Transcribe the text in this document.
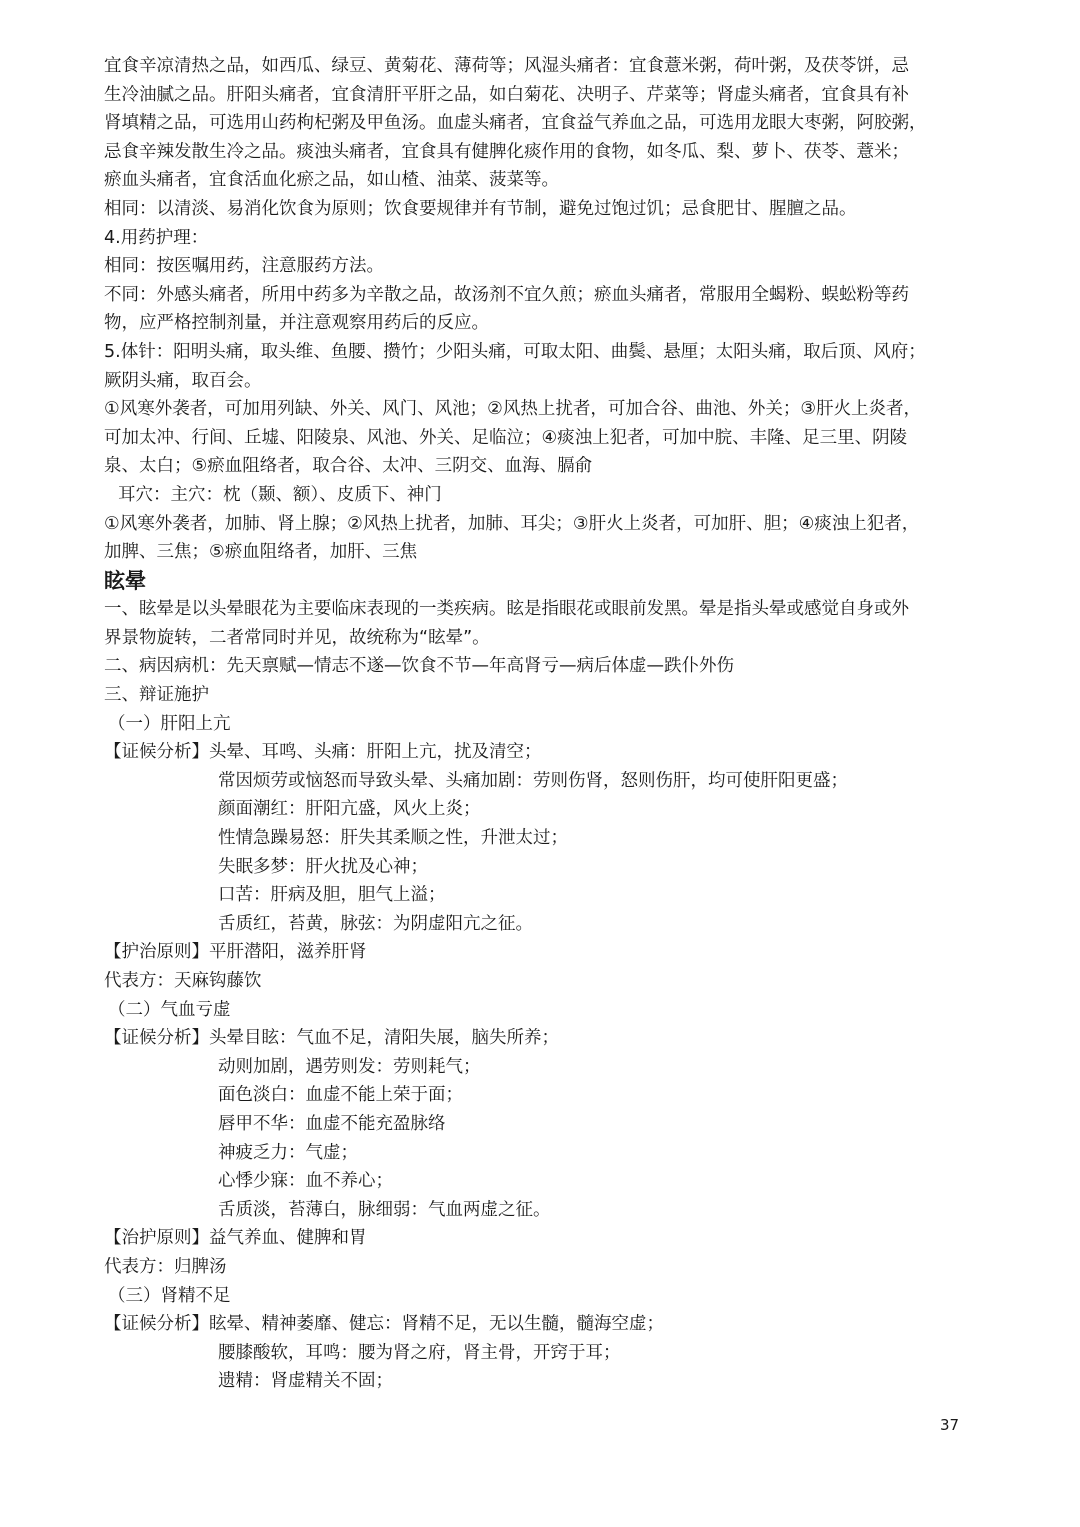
宜食辛凉清热之品，如西瓜、绿豆、黄菊花、薄荷等；风湿头痛者：宜食薏米粥，荷叶粥，及茯苓饼，忌

生冷油腻之品。肝阳头痛者，宜食清肝平肝之品，如白菊花、决明子、芹菜等；肾虚头痛者，宜食具有补

肾填精之品，可选用山药枸杞粥及甲鱼汤。血虚头痛者，宜食益气养血之品，可选用龙眼大枣粥，阿胶粥，

忌食辛辣发散生冷之品。痰浊头痛者，宜食具有健脾化痰作用的食物，如冬瓜、梨、萝卜、茯苓、薏米；

瘀血头痛者，宜食活血化瘀之品，如山楂、油菜、菠菜等。

相同：以清淡、易消化饮食为原则；饮食要规律并有节制，避免过饱过饥；忌食肥甘、腥膻之品。

4.用药护理：

相同：按医嘱用药，注意服药方法。

不同：外感头痛者，所用中药多为辛散之品，故汤剂不宜久煎；瘀血头痛者，常服用全蝎粉、蜈蚣粉等药

物，应严格控制剂量，并注意观察用药后的反应。

5.体针：阳明头痛，取头维、鱼腰、攒竹；少阳头痛，可取太阳、曲鬓、悬厘；太阳头痛，取后顶、风府；

厥阴头痛，取百会。

①风寒外袭者，可加用列缺、外关、风门、风池；②风热上扰者，可加合谷、曲池、外关；③肝火上炎者，

可加太冲、行间、丘墟、阳陵泉、风池、外关、足临泣；④痰浊上犯者，可加中脘、丰隆、足三里、阴陵

泉、太白；⑤瘀血阻络者，取合谷、太冲、三阴交、血海、膈俞

耳穴：主穴：枕（颞、额）、皮质下、神门

①风寒外袭者，加肺、肾上腺；②风热上扰者，加肺、耳尖；③肝火上炎者，可加肝、胆；④痰浊上犯者，

加脾、三焦；⑤瘀血阻络者，加肝、三焦

眩晕

一、眩晕是以头晕眼花为主要临床表现的一类疾病。眩是指眼花或眼前发黑。晕是指头晕或感觉自身或外

界景物旋转，二者常同时并见，故统称为“眩晕”。

二、病因病机：先天禀赋—情志不遂—饮食不节—年高肾亏—病后体虚—跌仆外伤

三、辩证施护

（一）肝阳上亢

【证候分析】头晕、耳鸣、头痛：肝阳上亢，扰及清空；

常因烦劳或恼怒而导致头晕、头痛加剧：劳则伤肾，怒则伤肝，均可使肝阳更盛；

颜面潮红：肝阳亢盛，风火上炎；

性情急躁易怒：肝失其柔顺之性，升泄太过；

失眠多梦：肝火扰及心神；

口苦：肝病及胆，胆气上溢；

舌质红，苔黄，脉弦：为阴虚阳亢之征。

【护治原则】平肝潜阳，滋养肝肾

代表方：天麻钩藤饮

（二）气血亏虚

【证候分析】头晕目眩：气血不足，清阳失展，脑失所养；

动则加剧，遇劳则发：劳则耗气；

面色淡白：血虚不能上荣于面；

唇甲不华：血虚不能充盈脉络

神疲乏力：气虚；

心悸少寐：血不养心；

舌质淡，苔薄白，脉细弱：气血两虚之征。

【治护原则】益气养血、健脾和胃

代表方：归脾汤

（三）肾精不足

【证候分析】眩晕、精神萎靡、健忘：肾精不足，无以生髓，髓海空虚；

腰膝酸软，耳鸣：腰为肾之府，肾主骨，开窍于耳；

遗精：肾虚精关不固；

37
